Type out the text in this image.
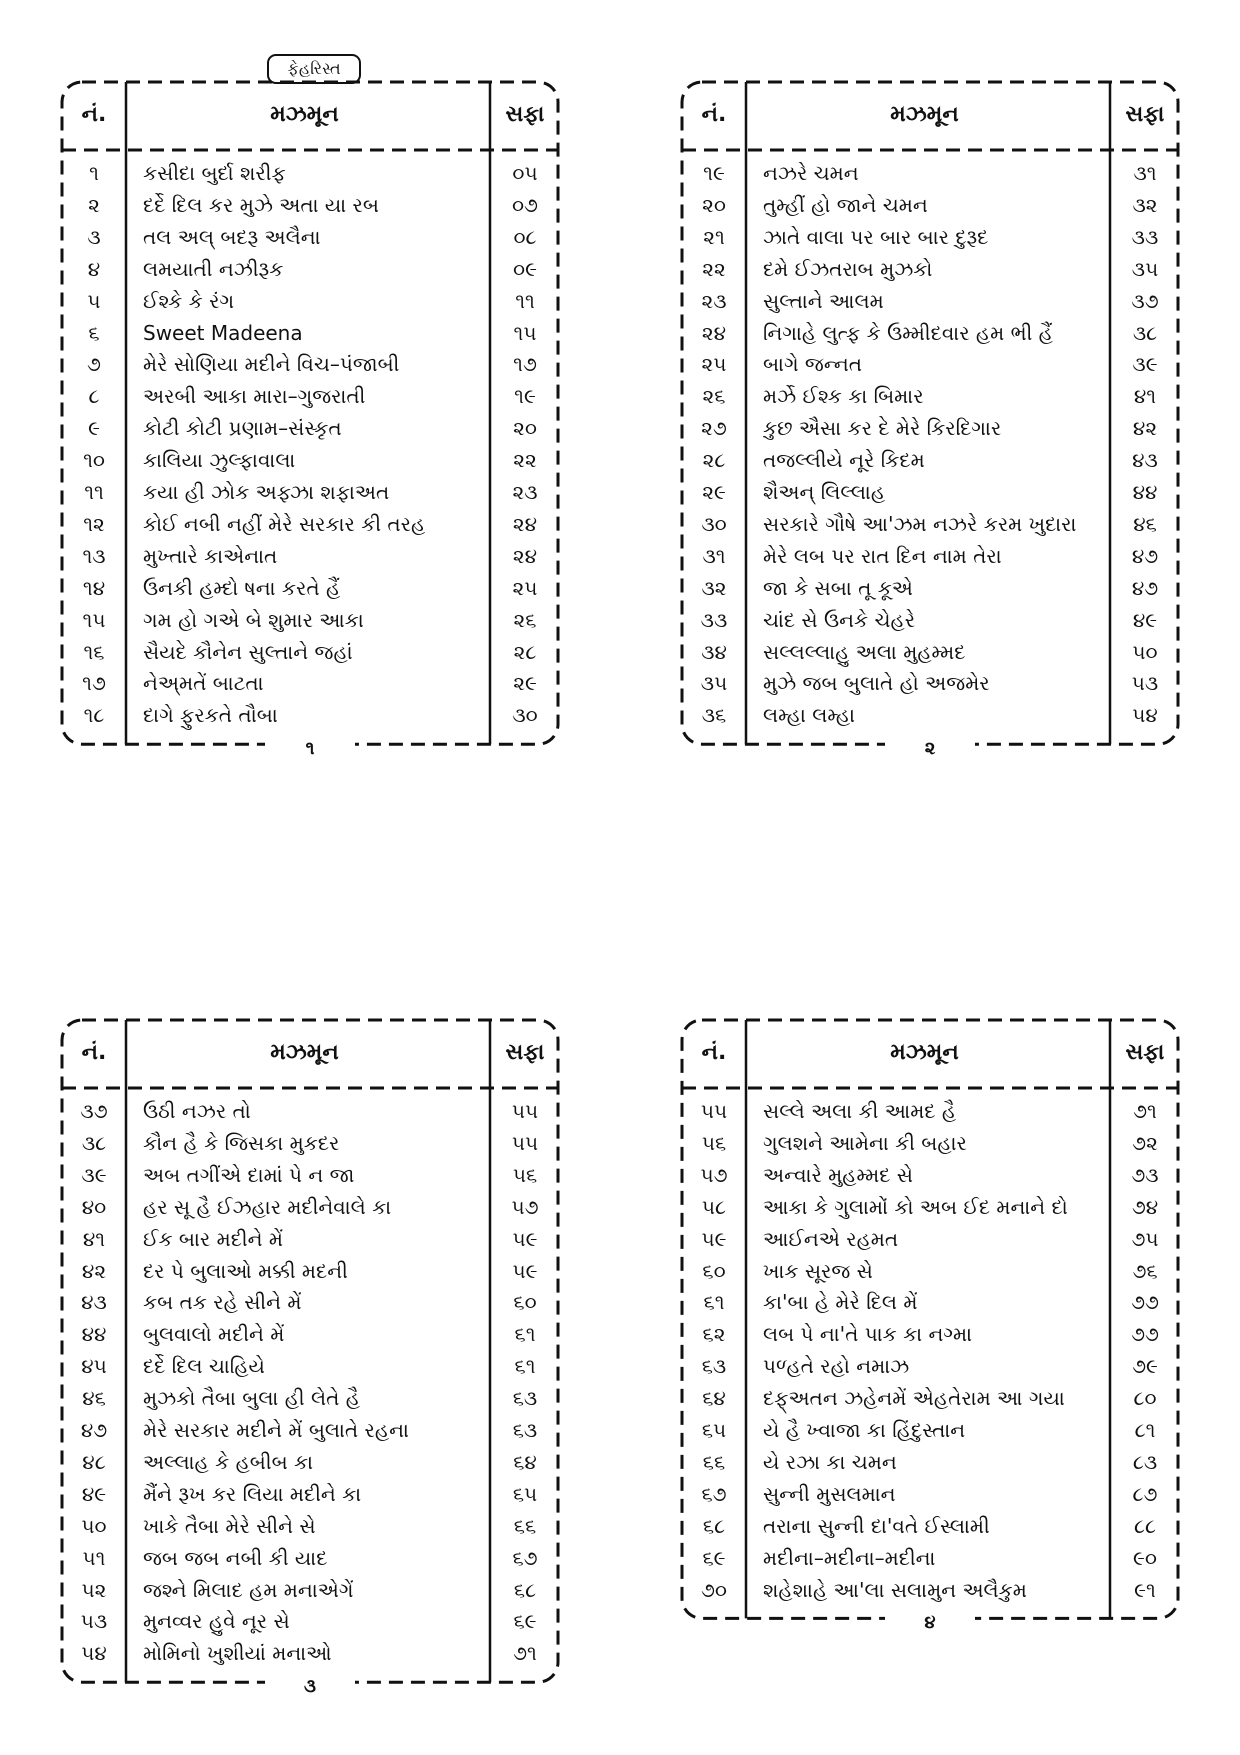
ફેહરિસ્ત
નં.	મઝમૂન	સફા
૧	કસીદા બુર્દા શરીફ	૦૫
૨	દર્દે દિલ કર મુઝે અતા યા રબ	૦૭
૩	તલ અલ્ બદરૂ અલૈના	૦૮
૪	લમયાતી નઝીરૂક	૦૯
૫	ઈશ્કે કે રંગ	૧૧
૬	Sweet Madeena	૧૫
૭	મેરે સોણિયા મદીને વિચ–પંજાબી	૧૭
૮	અરબી આકા મારા–ગુજરાતી	૧૯
૯	કોટી કોટી પ્રણામ–સંસ્કૃત	૨૦
૧૦	કાલિયા ઝુલ્ફાવાલા	૨૨
૧૧	કયા હી ઝોક અફ્ઝા શફાઅત	૨૩
૧૨	કોઈ નબી નહીં મેરે સરકાર કી તરહ	૨૪
૧૩	મુખ્તારે કાએનાત	૨૪
૧૪	ઉનકી હમ્દો ષના કરતે હૈં	૨૫
૧૫	ગમ હો ગએ બે શુમાર આકા	૨૬
૧૬	સૈયદે કૌનેન સુલ્તાને જહાં	૨૮
૧૭	નેઅ્મતેં બાટતા	૨૯
૧૮	દાગે ફુરકતે તૌબા	૩૦
૧
નં.	મઝમૂન	સફા
૧૯	નઝરે ચમન	૩૧
૨૦	તુમ્હીં હો જાને ચમન	૩૨
૨૧	ઝાતે વાલા પર બાર બાર દુરૂદ	૩૩
૨૨	દમે ઈઝતરાબ મુઝકો	૩૫
૨૩	સુલ્તાને આલમ	૩૭
૨૪	નિગાહે લુત્ફ કે ઉમ્મીદવાર હમ ભી હૈં	૩૮
૨૫	બાગે જન્નત	૩૯
૨૬	મર્ઝે ઈશ્ક કા બિમાર	૪૧
૨૭	કુછ ઐસા કર દે મેરે કિરદિગાર	૪૨
૨૮	તજલ્લીયે નૂરે કિદમ	૪૩
૨૯	શૈઅન્ લિલ્લાહ	૪૪
૩૦	સરકારે ગૌષે આ'ઝમ નઝરે કરમ ખુદારા	૪૬
૩૧	મેરે લબ પર રાત દિન નામ તેરા	૪૭
૩૨	જા કે સબા તૂ કૂએ	૪૭
૩૩	ચાંદ સે ઉનકે ચેહરે	૪૯
૩૪	સલ્લલ્લાહુ અલા મુહમ્મદ	૫૦
૩૫	મુઝે જબ બુલાતે હો અજમેર	૫૩
૩૬	લમ્હા લમ્હા	૫૪
૨
નં.	મઝમૂન	સફા
૩૭	ઉઠી નઝર તો	૫૫
૩૮	કૌન હૈ કે જિસકા મુકદર	૫૫
૩૯	અબ તગીંએ દામાં પે ન જા	૫૬
૪૦	હર સૂ હૈ ઈઝહાર મદીનેવાલે કા	૫૭
૪૧	ઈક બાર મદીને મેં	૫૯
૪૨	દર પે બુલાઓ મક્કી મદની	૫૯
૪૩	કબ તક રહે સીને મેં	૬૦
૪૪	બુલવાલો મદીને મેં	૬૧
૪૫	દર્દે દિલ ચાહિયે	૬૧
૪૬	મુઝકો તૈબા બુલા હી લેતે હૈ	૬૩
૪૭	મેરે સરકાર મદીને મેં બુલાતે રહના	૬૩
૪૮	અલ્લાહ કે હબીબ કા	૬૪
૪૯	મૈંને રૂખ કર લિયા મદીને કા	૬૫
૫૦	ખાકે તૈબા મેરે સીને સે	૬૬
૫૧	જબ જબ નબી કી યાદ	૬૭
૫૨	જશ્ને મિલાદ હમ મનાએગેં	૬૮
૫૩	મુનવ્વર હુવે નૂર સે	૬૯
૫૪	મોમિનો ખુશીયાં મનાઓ	૭૧
૩
નં.	મઝમૂન	સફા
૫૫	સલ્લે અલા કી આમદ હૈ	૭૧
૫૬	ગુલશને આમેના કી બહાર	૭૨
૫૭	અન્વારે મુહમ્મદ સે	૭૩
૫૮	આકા કે ગુલામોં કો અબ ઈદ મનાને દો	૭૪
૫૯	આઈનએ રહમત	૭૫
૬૦	ખાક સૂરજ સે	૭૬
૬૧	કા'બા હે મેરે દિલ મેં	૭૭
૬૨	લબ પે ના'તે પાક કા નગ્મા	૭૭
૬૩	પળ્હતે રહો નમાઝ	૭૯
૬૪	દફ્અતન ઝહેનમેં એહતેરામ આ ગયા	૮૦
૬૫	યે હૈ ખ્વાજા કા હિંદુસ્તાન	૮૧
૬૬	યે રઝા કા ચમન	૮૩
૬૭	સુન્ની મુસલમાન	૮૭
૬૮	તરાના સુન્ની દા'વતે ઈસ્લામી	૮૮
૬૯	મદીના–મદીના–મદીના	૯૦
૭૦	શહેશાહે આ'લા સલામુન અલૈકુમ	૯૧
૪
